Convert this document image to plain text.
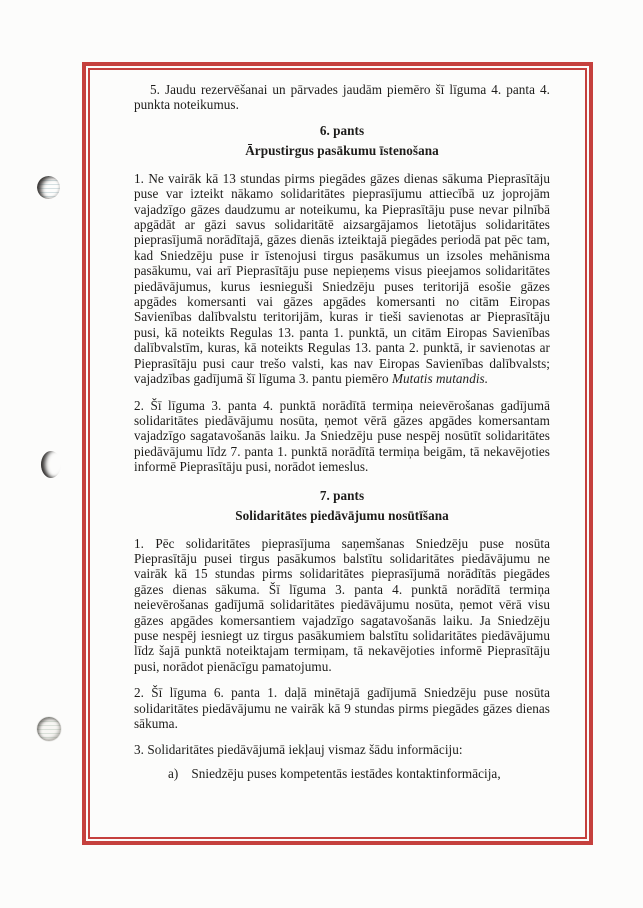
5. Jaudu rezervēšanai un pārvades jaudām piemēro šī līguma 4. panta 4. punkta noteikumus.

6. pants
Ārpustirgus pasākumu īstenošana

1. Ne vairāk kā 13 stundas pirms piegādes gāzes dienas sākuma Pieprasītāju puse var izteikt nākamo solidaritātes pieprasījumu attiecībā uz joprojām vajadzīgo gāzes daudzumu ar noteikumu, ka Pieprasītāju puse nevar pilnībā apgādāt ar gāzi savus solidaritātē aizsargājamos lietotājus solidaritātes pieprasījumā norādītajā, gāzes dienās izteiktajā piegādes periodā pat pēc tam, kad Sniedzēju puse ir īstenojusi tirgus pasākumus un izsoles mehānisma pasākumu, vai arī Pieprasītāju puse nepieņems visus pieejamos solidaritātes piedāvājumus, kurus iesnieguši Sniedzēju puses teritorijā esošie gāzes apgādes komersanti vai gāzes apgādes komersanti no citām Eiropas Savienības dalībvalstu teritorijām, kuras ir tieši savienotas ar Pieprasītāju pusi, kā noteikts Regulas 13. panta 1. punktā, un citām Eiropas Savienības dalībvalstīm, kuras, kā noteikts Regulas 13. panta 2. punktā, ir savienotas ar Pieprasītāju pusi caur trešo valsti, kas nav Eiropas Savienības dalībvalsts; vajadzības gadījumā šī līguma 3. pantu piemēro Mutatis mutandis.

2. Šī līguma 3. panta 4. punktā norādītā termiņa neievērošanas gadījumā solidaritātes piedāvājumu nosūta, ņemot vērā gāzes apgādes komersantam vajadzīgo sagatavošanās laiku. Ja Sniedzēju puse nespēj nosūtīt solidaritātes piedāvājumu līdz 7. panta 1. punktā norādītā termiņa beigām, tā nekavējoties informē Pieprasītāju pusi, norādot iemeslus.

7. pants
Solidaritātes piedāvājumu nosūtīšana

1. Pēc solidaritātes pieprasījuma saņemšanas Sniedzēju puse nosūta Pieprasītāju pusei tirgus pasākumos balstītu solidaritātes piedāvājumu ne vairāk kā 15 stundas pirms solidaritātes pieprasījumā norādītās piegādes gāzes dienas sākuma. Šī līguma 3. panta 4. punktā norādītā termiņa neievērošanas gadījumā solidaritātes piedāvājumu nosūta, ņemot vērā visu gāzes apgādes komersantiem vajadzīgo sagatavošanās laiku. Ja Sniedzēju puse nespēj iesniegt uz tirgus pasākumiem balstītu solidaritātes piedāvājumu līdz šajā punktā noteiktajam termiņam, tā nekavējoties informē Pieprasītāju pusi, norādot pienācīgu pamatojumu.

2. Šī līguma 6. panta 1. daļā minētajā gadījumā Sniedzēju puse nosūta solidaritātes piedāvājumu ne vairāk kā 9 stundas pirms piegādes gāzes dienas sākuma.

3. Solidaritātes piedāvājumā iekļauj vismaz šādu informāciju:

a) Sniedzēju puses kompetentās iestādes kontaktinformācija,
